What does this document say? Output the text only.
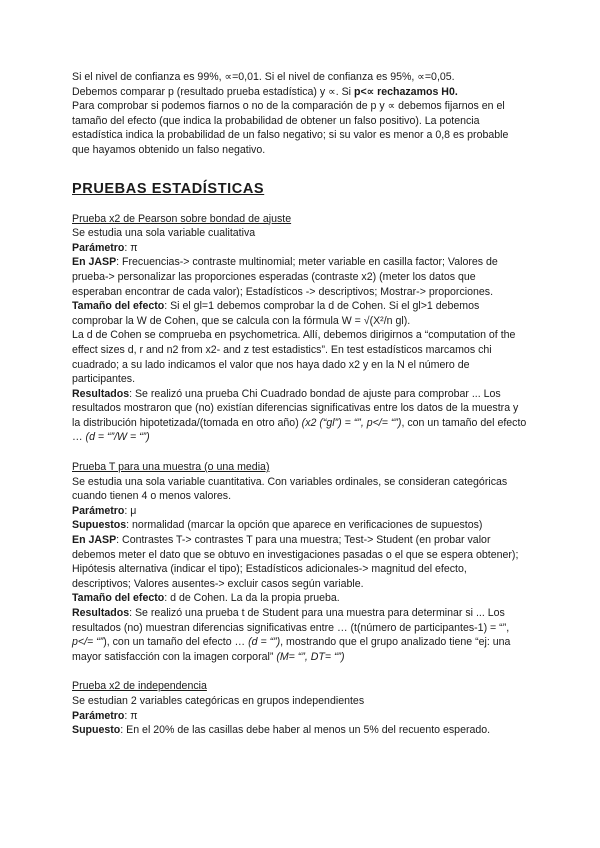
Si el nivel de confianza es 99%, ∝=0,01. Si el nivel de confianza es 95%, ∝=0,05.

Debemos comparar p (resultado prueba estadística) y ∝. Si p<∝ rechazamos H0.

Para comprobar si podemos fiarnos o no de la comparación de p y ∝ debemos fijarnos en el tamaño del efecto (que indica la probabilidad de obtener un falso positivo). La potencia estadística indica la probabilidad de un falso negativo; si su valor es menor a 0,8 es probable que hayamos obtenido un falso negativo.

PRUEBAS ESTADÍSTICAS

Prueba x2 de Pearson sobre bondad de ajuste

Se estudia una sola variable cualitativa

Parámetro: π

En JASP: Frecuencias-> contraste multinomial; meter variable en casilla factor; Valores de prueba-> personalizar las proporciones esperadas (contraste x2) (meter los datos que esperaban encontrar de cada valor); Estadísticos -> descriptivos; Mostrar-> proporciones.

Tamaño del efecto: Si el gl=1 debemos comprobar la d de Cohen. Si el gl>1 debemos comprobar la W de Cohen, que se calcula con la fórmula W = √(X²/n gl).

La d de Cohen se comprueba en psychometrica. Allí, debemos dirigirnos a “computation of the effect sizes d, r and n2 from x2- and z test estadistics”. En test estadísticos marcamos chi cuadrado; a su lado indicamos el valor que nos haya dado x2 y en la N el número de participantes.

Resultados: Se realizó una prueba Chi Cuadrado bondad de ajuste para comprobar ... Los resultados mostraron que (no) existían diferencias significativas entre los datos de la muestra y la distribución hipotetizada/(tomada en otro año) (x2 (“gl”) = “”, p</= “”), con un tamaño del efecto … (d = “”/W = “”)

Prueba T para una muestra (o una media)

Se estudia una sola variable cuantitativa. Con variables ordinales, se consideran categóricas cuando tienen 4 o menos valores.

Parámetro: μ

Supuestos: normalidad (marcar la opción que aparece en verificaciones de supuestos)

En JASP: Contrastes T-> contrastes T para una muestra; Test-> Student (en probar valor debemos meter el dato que se obtuvo en investigaciones pasadas o el que se espera obtener); Hipótesis alternativa (indicar el tipo); Estadísticos adicionales-> magnitud del efecto, descriptivos; Valores ausentes-> excluir casos según variable.

Tamaño del efecto: d de Cohen. La da la propia prueba.

Resultados: Se realizó una prueba t de Student para una muestra para determinar si ... Los resultados (no) muestran diferencias significativas entre … (t(número de participantes-1) = “”, p</= “”), con un tamaño del efecto … (d = “”), mostrando que el grupo analizado tiene “ej: una mayor satisfacción con la imagen corporal” (M= “”, DT= “”)

Prueba x2 de independencia

Se estudian 2 variables categóricas en grupos independientes

Parámetro: π

Supuesto: En el 20% de las casillas debe haber al menos un 5% del recuento esperado.
